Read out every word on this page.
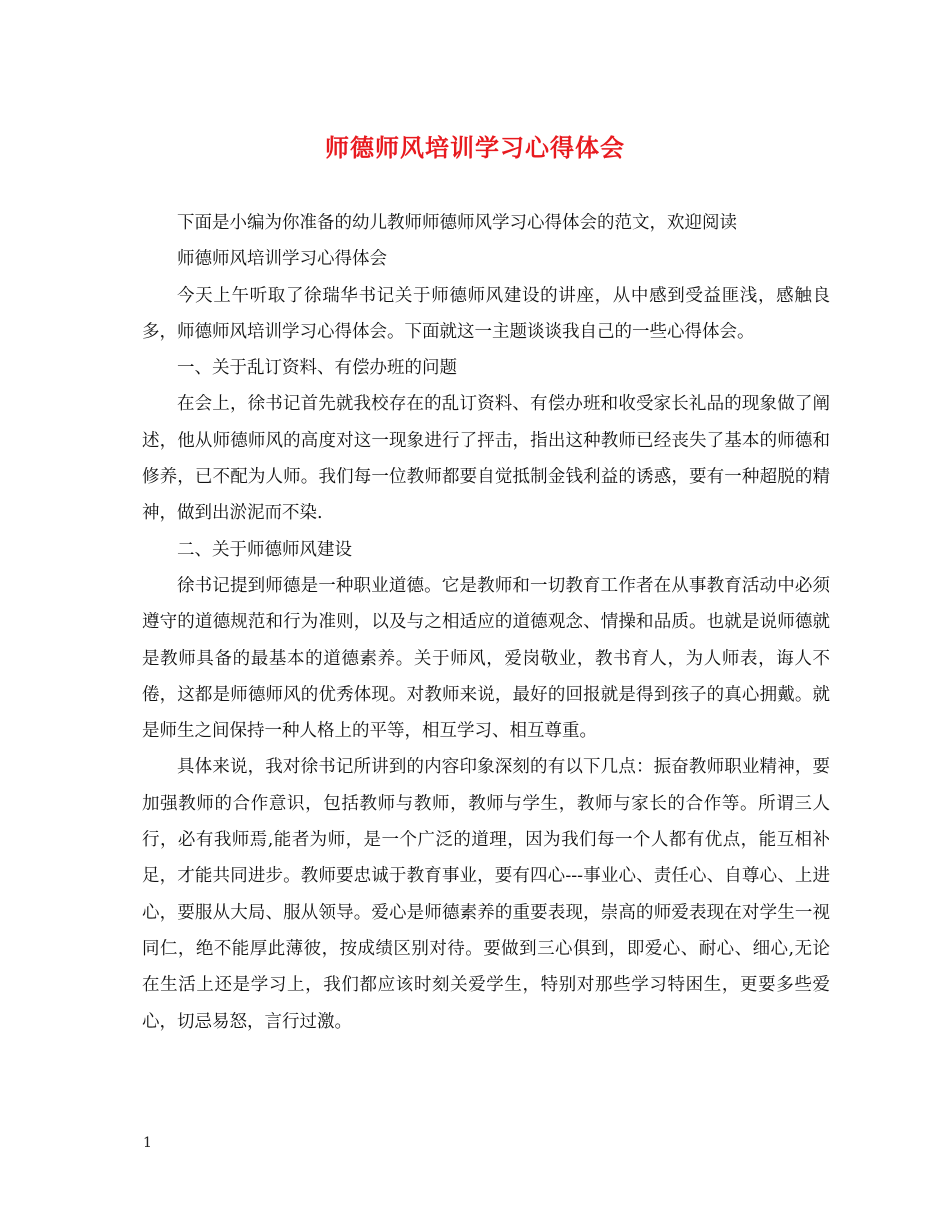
师德师风培训学习心得体会

下面是小编为你准备的幼儿教师师德师风学习心得体会的范文，欢迎阅读

师德师风培训学习心得体会

今天上午听取了徐瑞华书记关于师德师风建设的讲座，从中感到受益匪浅，感触良多，师德师风培训学习心得体会。下面就这一主题谈谈我自己的一些心得体会。

一、关于乱订资料、有偿办班的问题

在会上，徐书记首先就我校存在的乱订资料、有偿办班和收受家长礼品的现象做了阐述，他从师德师风的高度对这一现象进行了抨击，指出这种教师已经丧失了基本的师德和修养，已不配为人师。我们每一位教师都要自觉抵制金钱利益的诱惑，要有一种超脱的精神，做到出淤泥而不染.

二、关于师德师风建设

徐书记提到师德是一种职业道德。它是教师和一切教育工作者在从事教育活动中必须遵守的道德规范和行为准则，以及与之相适应的道德观念、情操和品质。也就是说师德就是教师具备的最基本的道德素养。关于师风，爱岗敬业，教书育人，为人师表，诲人不倦，这都是师德师风的优秀体现。对教师来说，最好的回报就是得到孩子的真心拥戴。就是师生之间保持一种人格上的平等，相互学习、相互尊重。

具体来说，我对徐书记所讲到的内容印象深刻的有以下几点：振奋教师职业精神，要加强教师的合作意识，包括教师与教师，教师与学生，教师与家长的合作等。所谓三人行，必有我师焉,能者为师，是一个广泛的道理，因为我们每一个人都有优点，能互相补足，才能共同进步。教师要忠诚于教育事业，要有四心---事业心、责任心、自尊心、上进心，要服从大局、服从领导。爱心是师德素养的重要表现，崇高的师爱表现在对学生一视同仁，绝不能厚此薄彼，按成绩区别对待。要做到三心俱到，即爱心、耐心、细心,无论在生活上还是学习上，我们都应该时刻关爱学生，特别对那些学习特困生，更要多些爱心，切忌易怒，言行过激。

1
